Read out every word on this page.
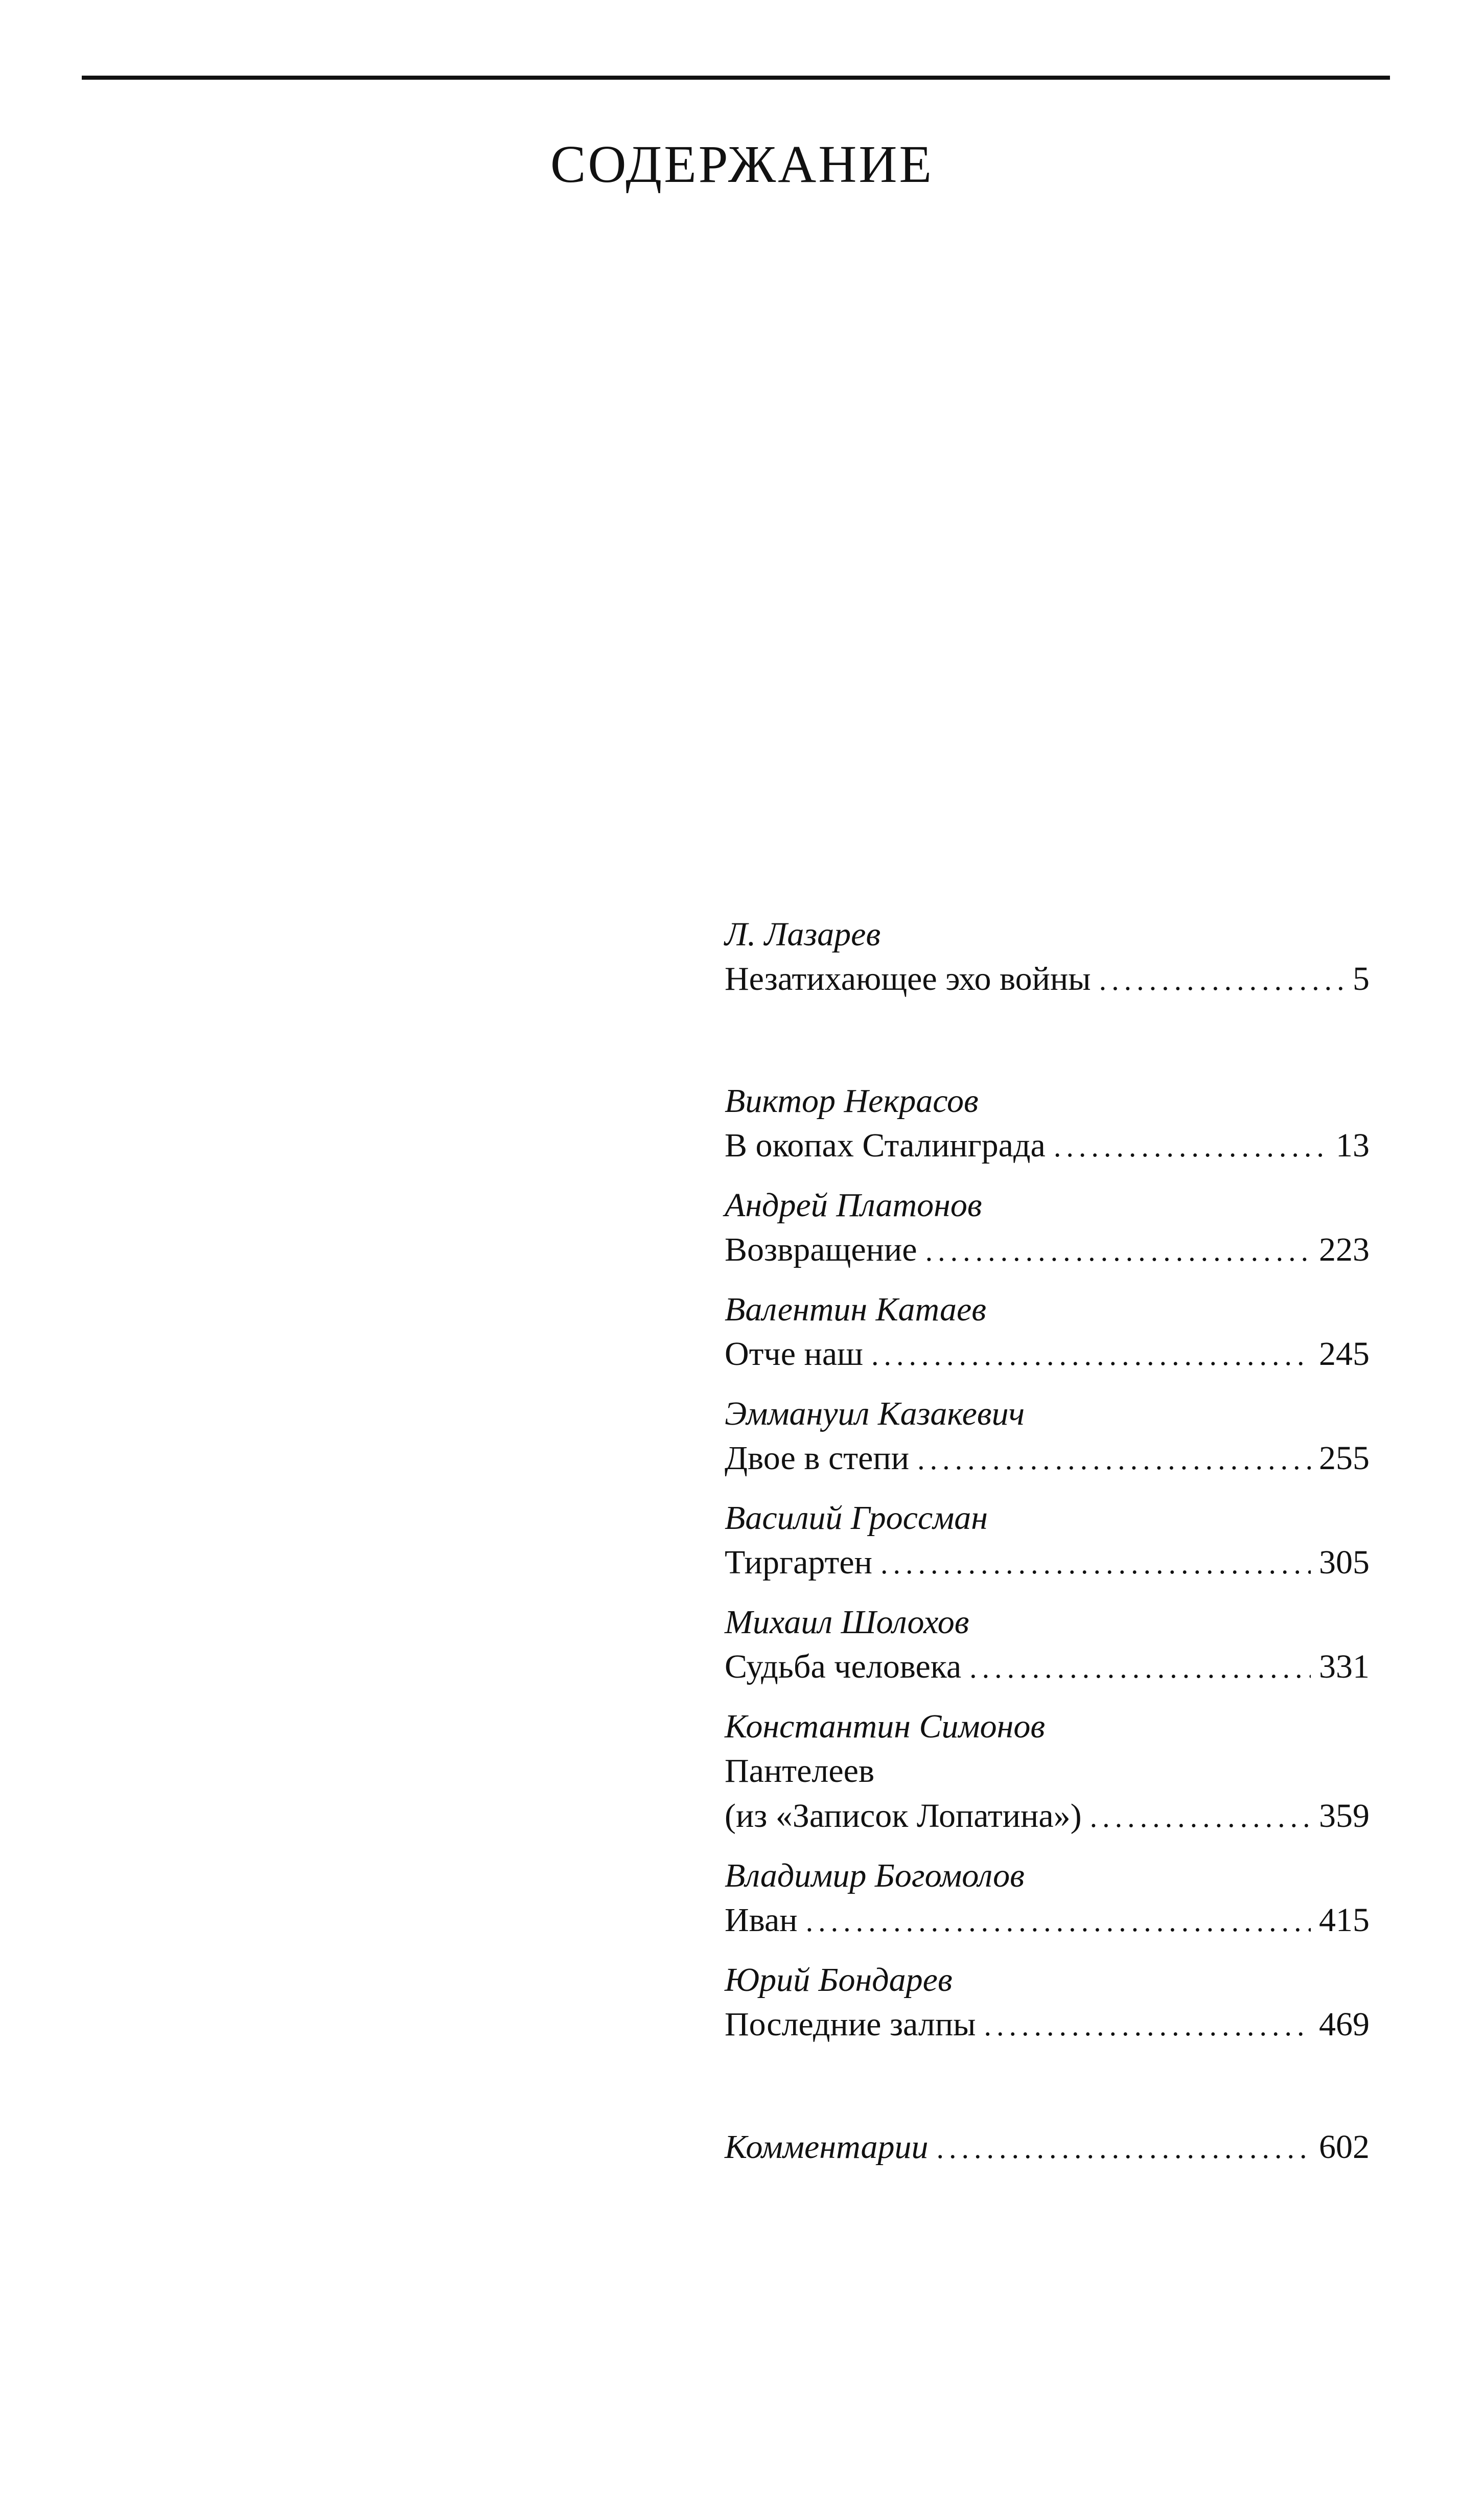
СОДЕРЖАНИЕ
Л. Лазарев
Незатихающее эхо войны .....	5
Виктор Некрасов
В окопах Сталинграда .....	13
Андрей Платонов
Возвращение .....	223
Валентин Катаев
Отче наш .....	245
Эммануил Казакевич
Двое в степи .....	255
Василий Гроссман
Тиргартен .....	305
Михаил Шолохов
Судьба человека .....	331
Константин Симонов
Пантелеев
(из «Записок Лопатина») .....	359
Владимир Богомолов
Иван .....	415
Юрий Бондарев
Последние залпы .....	469
Комментарии .....	602
